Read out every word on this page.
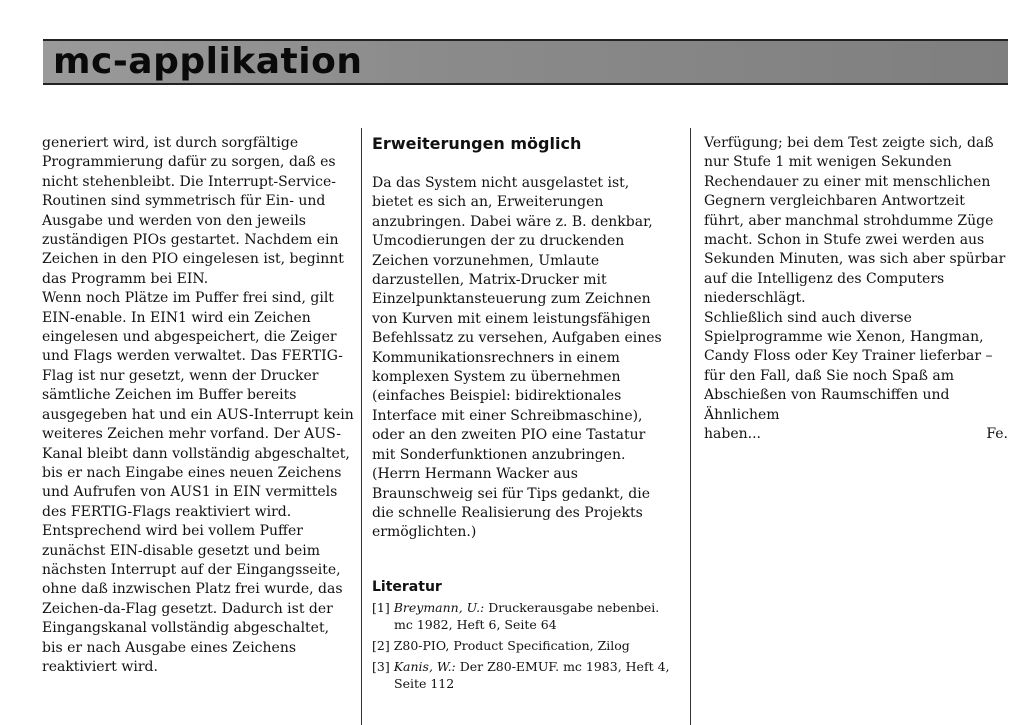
mc-applikation

generiert wird, ist durch sorgfältige Programmierung dafür zu sorgen, daß es nicht stehenbleibt. Die Interrupt-Service-Routinen sind symmetrisch für Ein- und Ausgabe und werden von den jeweils zuständigen PIOs gestartet. Nachdem ein Zeichen in den PIO eingelesen ist, beginnt das Programm bei EIN.

Wenn noch Plätze im Puffer frei sind, gilt EIN-enable. In EIN1 wird ein Zeichen eingelesen und abgespeichert, die Zeiger und Flags werden verwaltet. Das FERTIG-Flag ist nur gesetzt, wenn der Drucker sämtliche Zeichen im Buffer bereits ausgegeben hat und ein AUS-Interrupt kein weiteres Zeichen mehr vorfand. Der AUS-Kanal bleibt dann vollständig abgeschaltet, bis er nach Eingabe eines neuen Zeichens und Aufrufen von AUS1 in EIN vermittels des FERTIG-Flags reaktiviert wird.

Entsprechend wird bei vollem Puffer zunächst EIN-disable gesetzt und beim nächsten Interrupt auf der Eingangsseite, ohne daß inzwischen Platz frei wurde, das Zeichen-da-Flag gesetzt. Dadurch ist der Eingangskanal vollständig abgeschaltet, bis er nach Ausgabe eines Zeichens reaktiviert wird.

Erweiterungen möglich

Da das System nicht ausgelastet ist, bietet es sich an, Erweiterungen anzubringen. Dabei wäre z. B. denkbar, Umcodierungen der zu druckenden Zeichen vorzunehmen, Umlaute darzustellen, Matrix-Drucker mit Einzelpunktansteuerung zum Zeichnen von Kurven mit einem leistungsfähigen Befehlssatz zu versehen, Aufgaben eines Kommunikationsrechners in einem komplexen System zu übernehmen (einfaches Beispiel: bidirektionales Interface mit einer Schreibmaschine), oder an den zweiten PIO eine Tastatur mit Sonderfunktionen anzubringen.

(Herrn Hermann Wacker aus Braunschweig sei für Tips gedankt, die die schnelle Realisierung des Projekts ermöglichten.)

Literatur
[1] Breymann, U.: Druckerausgabe nebenbei. mc 1982, Heft 6, Seite 64
[2] Z80-PIO, Product Specification, Zilog
[3] Kanis, W.: Der Z80-EMUF. mc 1983, Heft 4, Seite 112

Verfügung; bei dem Test zeigte sich, daß nur Stufe 1 mit wenigen Sekunden Rechendauer zu einer mit menschlichen Gegnern vergleichbaren Antwortzeit führt, aber manchmal strohdumme Züge macht. Schon in Stufe zwei werden aus Sekunden Minuten, was sich aber spürbar auf die Intelligenz des Computers niederschlägt.

Schließlich sind auch diverse Spielprogramme wie Xenon, Hangman, Candy Floss oder Key Trainer lieferbar – für den Fall, daß Sie noch Spaß am Abschießen von Raumschiffen und Ähnlichem

haben...	Fe.
